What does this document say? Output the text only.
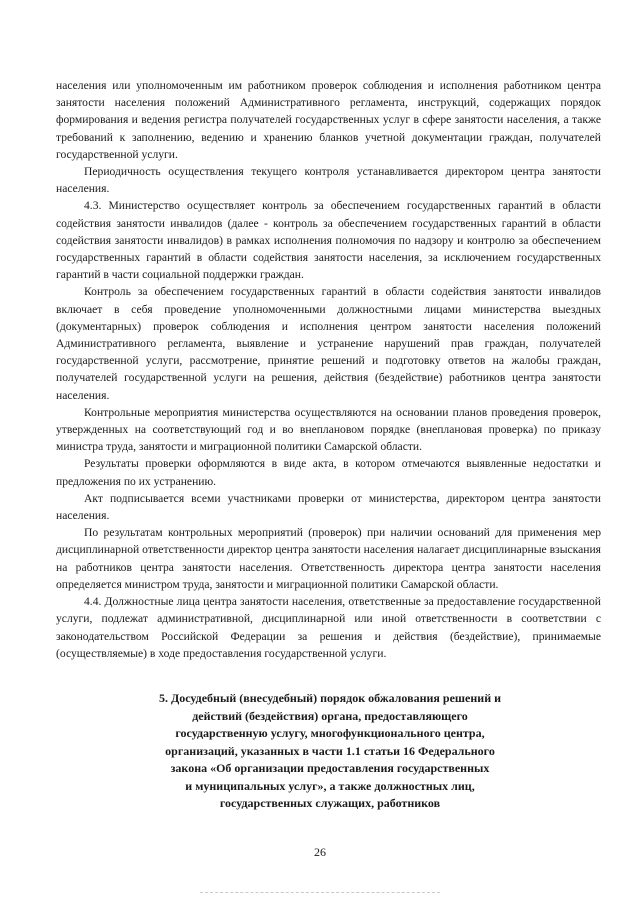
населения или уполномоченным им работником проверок соблюдения и исполнения работником центра занятости населения положений Административного регламента, инструкций, содержащих порядок формирования и ведения регистра получателей государственных услуг в сфере занятости населения, а также требований к заполнению, ведению и хранению бланков учетной документации граждан, получателей государственной услуги.

Периодичность осуществления текущего контроля устанавливается директором центра занятости населения.

4.3. Министерство осуществляет контроль за обеспечением государственных гарантий в области содействия занятости инвалидов (далее - контроль за обеспечением государственных гарантий в области содействия занятости инвалидов) в рамках исполнения полномочия по надзору и контролю за обеспечением государственных гарантий в области содействия занятости населения, за исключением государственных гарантий в части социальной поддержки граждан.

Контроль за обеспечением государственных гарантий в области содействия занятости инвалидов включает в себя проведение уполномоченными должностными лицами министерства выездных (документарных) проверок соблюдения и исполнения центром занятости населения положений Административного регламента, выявление и устранение нарушений прав граждан, получателей государственной услуги, рассмотрение, принятие решений и подготовку ответов на жалобы граждан, получателей государственной услуги на решения, действия (бездействие) работников центра занятости населения.

Контрольные мероприятия министерства осуществляются на основании планов проведения проверок, утвержденных на соответствующий год и во внеплановом порядке (внеплановая проверка) по приказу министра труда, занятости и миграционной политики Самарской области.

Результаты проверки оформляются в виде акта, в котором отмечаются выявленные недостатки и предложения по их устранению.

Акт подписывается всеми участниками проверки от министерства, директором центра занятости населения.

По результатам контрольных мероприятий (проверок) при наличии оснований для применения мер дисциплинарной ответственности директор центра занятости населения налагает дисциплинарные взыскания на работников центра занятости населения. Ответственность директора центра занятости населения определяется министром труда, занятости и миграционной политики Самарской области.

4.4. Должностные лица центра занятости населения, ответственные за предоставление государственной услуги, подлежат административной, дисциплинарной или иной ответственности в соответствии с законодательством Российской Федерации за решения и действия (бездействие), принимаемые (осуществляемые) в ходе предоставления государственной услуги.

5. Досудебный (внесудебный) порядок обжалования решений и
действий (бездействия) органа, предоставляющего
государственную услугу, многофункционального центра,
организаций, указанных в части 1.1 статьи 16 Федерального
закона «Об организации предоставления государственных
и муниципальных услуг», а также должностных лиц,
государственных служащих, работников
26
